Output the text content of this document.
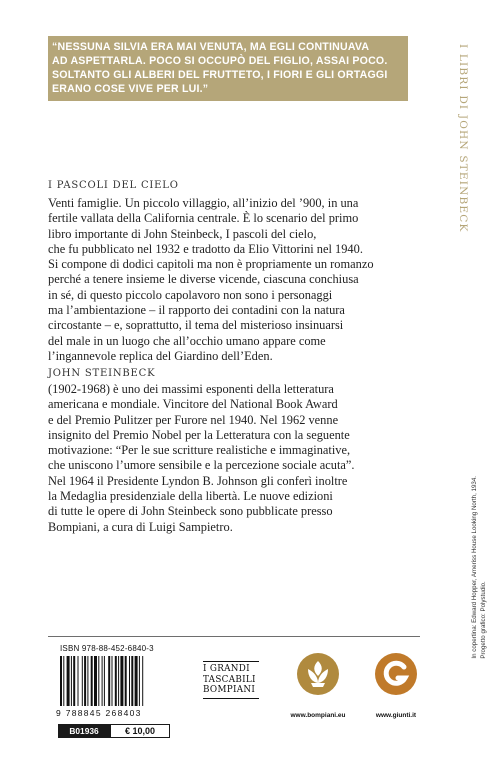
“NESSUNA SILVIA ERA MAI VENUTA, MA EGLI CONTINUAVA
AD ASPETTARLA. POCO SI OCCUPÒ DEL FIGLIO, ASSAI POCO.
SOLTANTO GLI ALBERI DEL FRUTTETO, I FIORI E GLI ORTAGGI
ERANO COSE VIVE PER LUI.”	I LIBRI DI JOHN STEINBECK
I PASCOLI DEL CIELO
Venti famiglie. Un piccolo villaggio, all’inizio del ’900, in una
fertile vallata della California centrale. È lo scenario del primo
libro importante di John Steinbeck, I pascoli del cielo,
che fu pubblicato nel 1932 e tradotto da Elio Vittorini nel 1940.
Si compone di dodici capitoli ma non è propriamente un romanzo
perché a tenere insieme le diverse vicende, ciascuna conchiusa
in sé, di questo piccolo capolavoro non sono i personaggi
ma l’ambientazione – il rapporto dei contadini con la natura
circostante – e, soprattutto, il tema del misterioso insinuarsi
del male in un luogo che all’occhio umano appare come
l’ingannevole replica del Giardino dell’Eden.
JOHN STEINBECK
(1902-1968) è uno dei massimi esponenti della letteratura
americana e mondiale. Vincitore del National Book Award
e del Premio Pulitzer per Furore nel 1940. Nel 1962 venne
insignito del Premio Nobel per la Letteratura con la seguente
motivazione: “Per le sue scritture realistiche e immaginative,
che uniscono l’umore sensibile e la percezione sociale acuta”.
Nel 1964 il Presidente Lyndon B. Johnson gli conferì inoltre
la Medaglia presidenziale della libertà. Le nuove edizioni
di tutte le opere di John Steinbeck sono pubblicate presso
Bompiani, a cura di Luigi Sampietro.	In copertina: Edward Hopper, Ameriss House Looking North, 1934. Progetto grafico: Polystudio.
ISBN 978-88-452-6840-3
9 788845 268403
B01936	€ 10,00
I GRANDI
TASCABILI
BOMPIANI
www.bompiani.eu	www.giunti.it
